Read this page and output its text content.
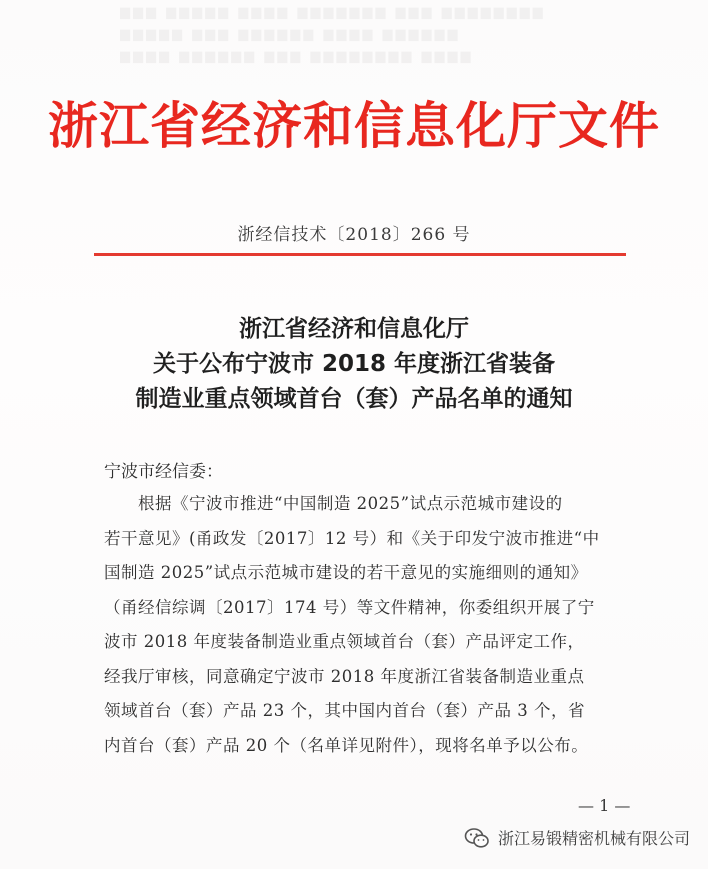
▆▆▆ ▆▆▆▆▆ ▆▆▆▆ ▆▆▆▆▆▆▆ ▆▆▆ ▆▆▆▆▆▆▆▆
▆▆▆▆▆ ▆▆▆ ▆▆▆▆▆▆ ▆▆▆▆ ▆▆▆▆▆▆
▆▆▆▆ ▆▆▆▆▆▆ ▆▆▆ ▆▆▆▆▆▆▆▆ ▆▆▆▆
浙江省经济和信息化厅文件
浙经信技术〔2018〕266 号
浙江省经济和信息化厅
关于公布宁波市 2018 年度浙江省装备
制造业重点领域首台（套）产品名单的通知
宁波市经信委：
　　根据《宁波市推进“中国制造 2025”试点示范城市建设的
若干意见》(甬政发〔2017〕12 号）和《关于印发宁波市推进“中
国制造 2025”试点示范城市建设的若干意见的实施细则的通知》
（甬经信综调〔2017〕174 号）等文件精神，你委组织开展了宁
波市 2018 年度装备制造业重点领域首台（套）产品评定工作，
经我厅审核，同意确定宁波市 2018 年度浙江省装备制造业重点
领域首台（套）产品 23 个，其中国内首台（套）产品 3 个，省
内首台（套）产品 20 个（名单详见附件），现将名单予以公布。
— 1 —
浙江易锻精密机械有限公司
